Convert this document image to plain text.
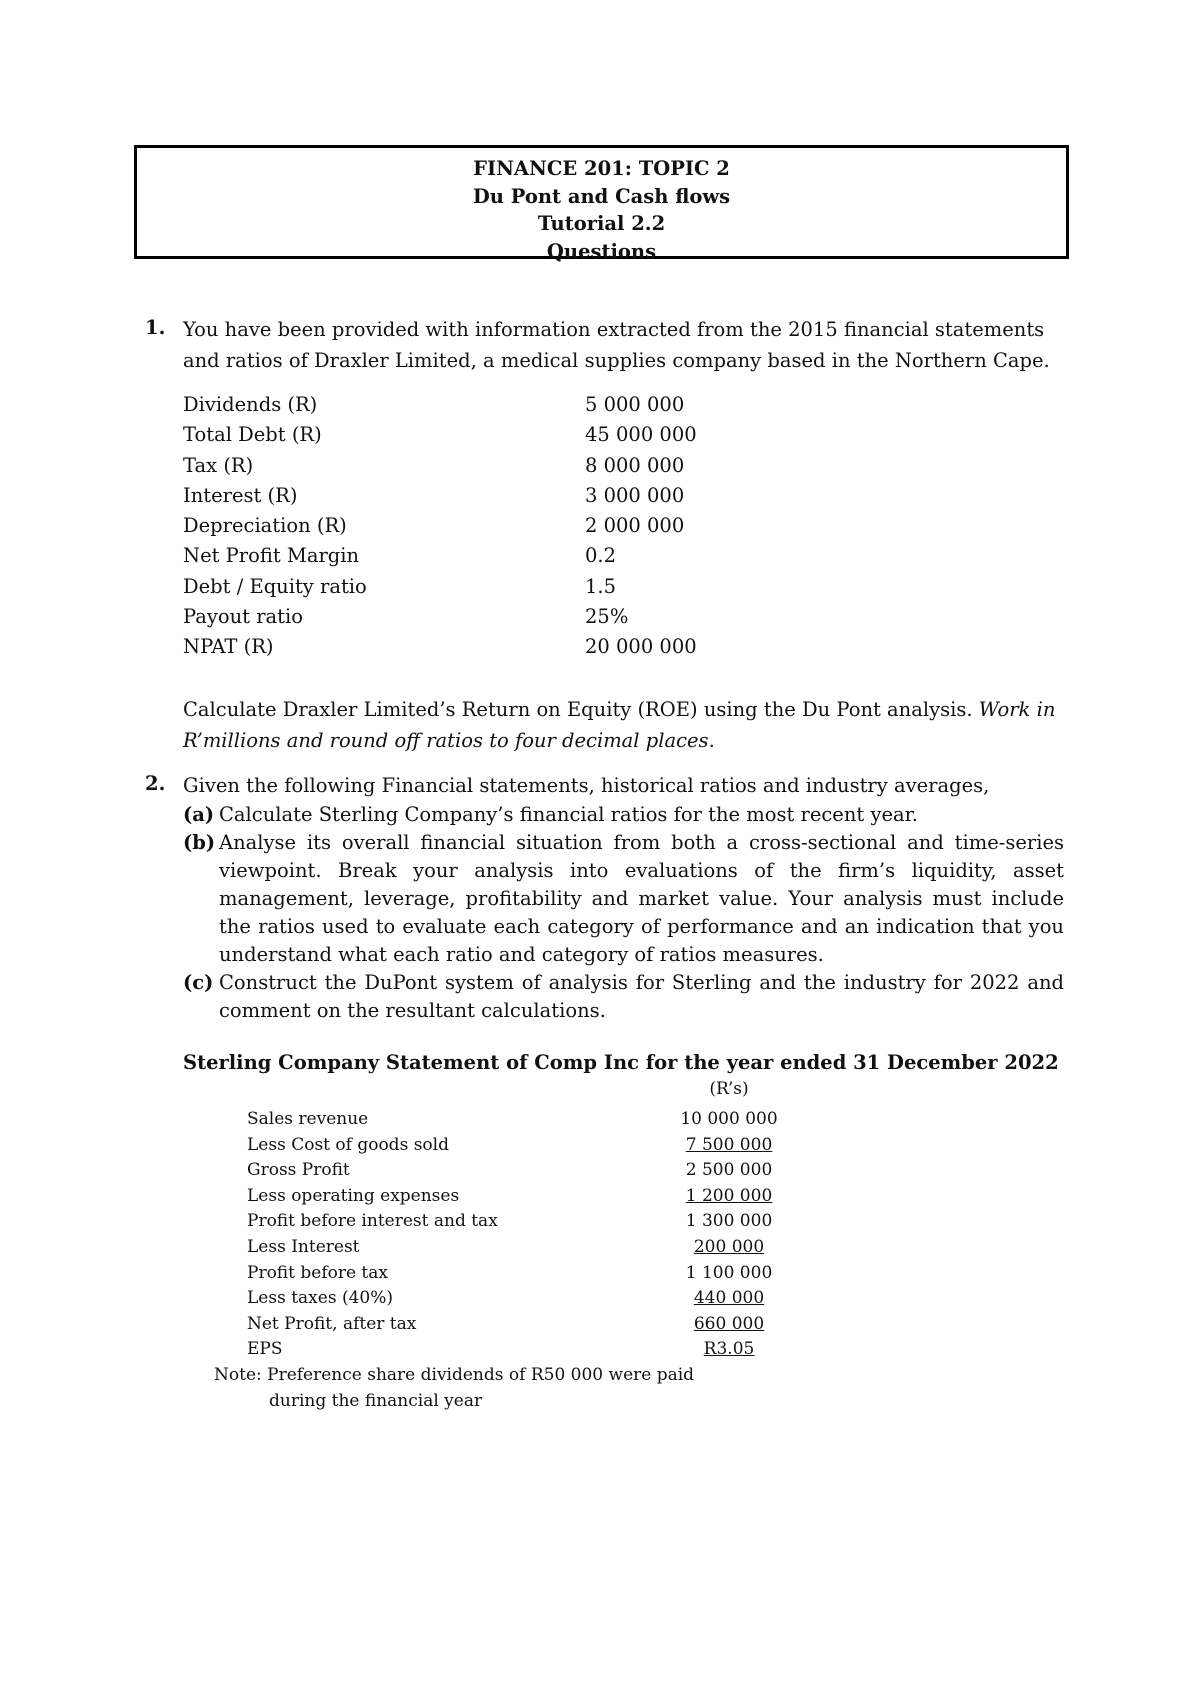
FINANCE 201: TOPIC 2
Du Pont and Cash flows
Tutorial 2.2
Questions
1. You have been provided with information extracted from the 2015 financial statements
and ratios of Draxler Limited, a medical supplies company based in the Northern Cape.
Dividends (R)	5 000 000
Total Debt (R)	45 000 000
Tax (R)	8 000 000
Interest (R)	3 000 000
Depreciation (R)	2 000 000
Net Profit Margin	0.2
Debt / Equity ratio	1.5
Payout ratio	25%
NPAT (R)	20 000 000
Calculate Draxler Limited’s Return on Equity (ROE) using the Du Pont analysis. Work in
R’millions and round off ratios to four decimal places.
2. Given the following Financial statements, historical ratios and industry averages,
(a) Calculate Sterling Company’s financial ratios for the most recent year.
(b) Analyse its overall financial situation from both a cross-sectional and time-series viewpoint. Break your analysis into evaluations of the firm’s liquidity, asset management, leverage, profitability and market value. Your analysis must include the ratios used to evaluate each category of performance and an indication that you understand what each ratio and category of ratios measures.
(c) Construct the DuPont system of analysis for Sterling and the industry for 2022 and comment on the resultant calculations.
Sterling Company Statement of Comp Inc for the year ended 31 December 2022
(R’s)
Sales revenue	10 000 000
Less Cost of goods sold	7 500 000
Gross Profit	2 500 000
Less operating expenses	1 200 000
Profit before interest and tax	1 300 000
Less Interest	200 000
Profit before tax	1 100 000
Less taxes (40%)	440 000
Net Profit, after tax	660 000
EPS	R3.05
Note: Preference share dividends of R50 000 were paid
during the financial year
